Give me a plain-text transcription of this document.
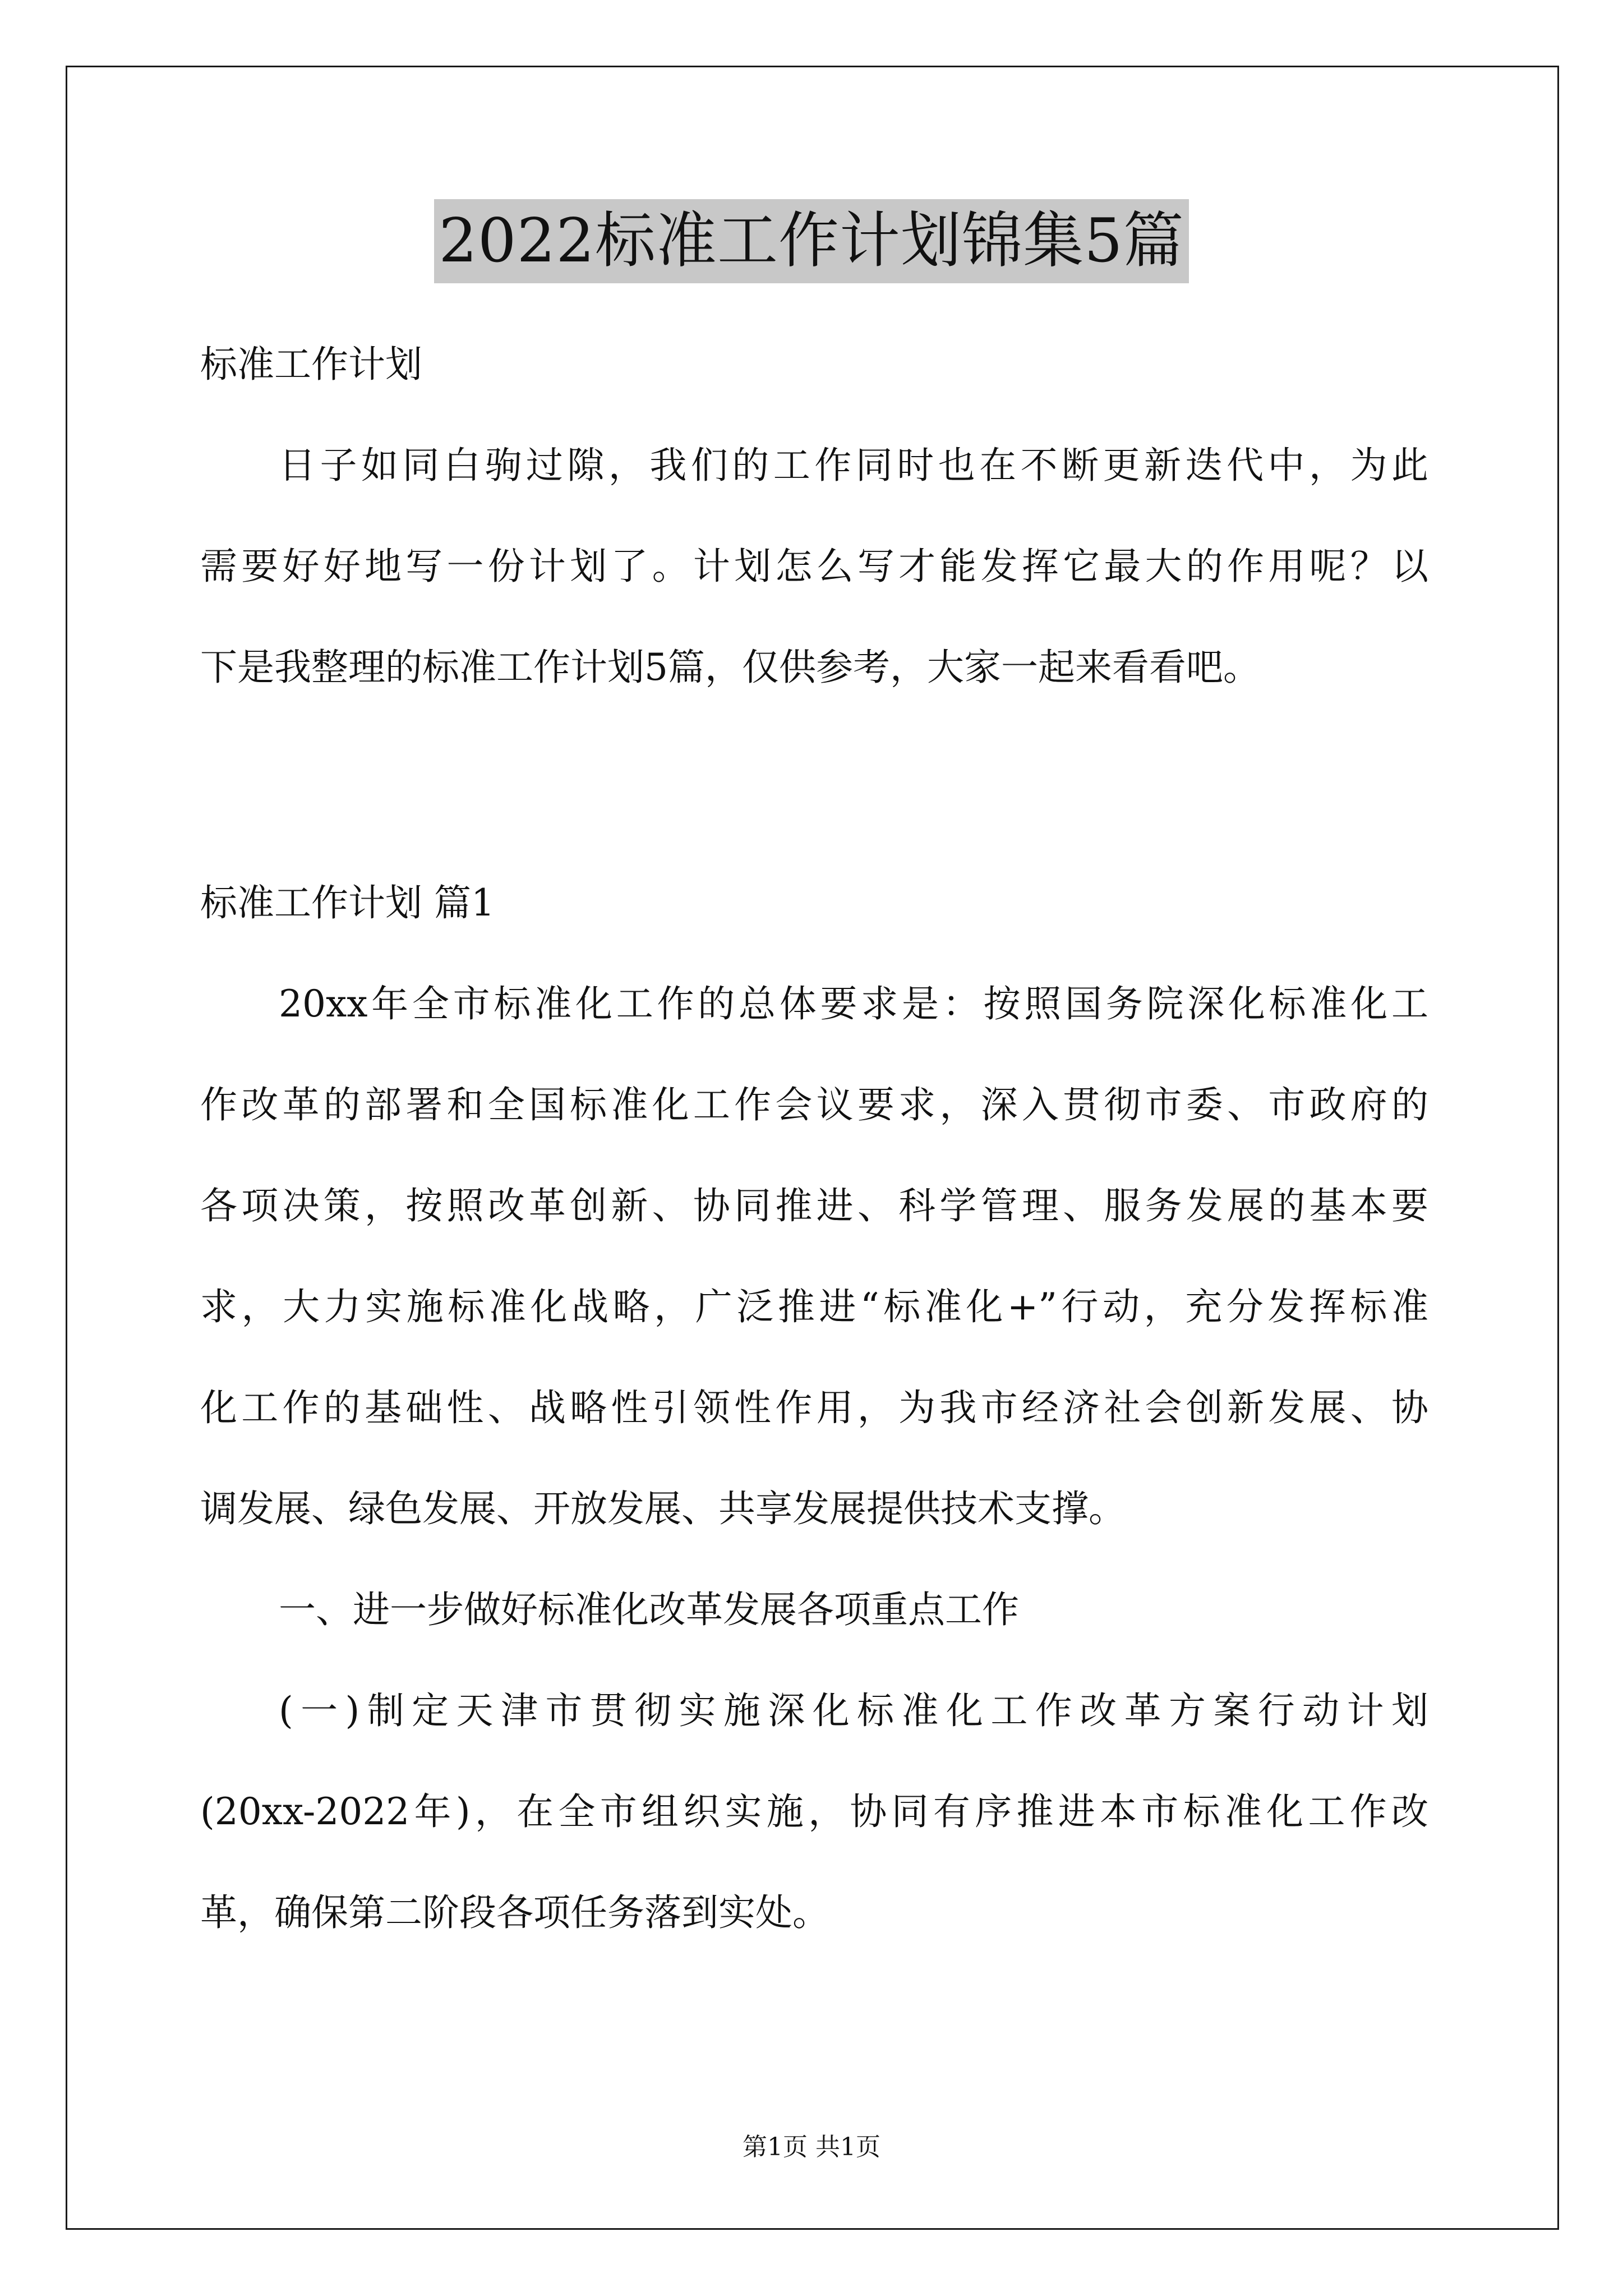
2022标准工作计划锦集5篇
标准工作计划
日子如同白驹过隙，我们的工作同时也在不断更新迭代中，为此
需要好好地写一份计划了。计划怎么写才能发挥它最大的作用呢？以
下是我整理的标准工作计划5篇，仅供参考，大家一起来看看吧。
标准工作计划 篇1
20xx年全市标准化工作的总体要求是：按照国务院深化标准化工
作改革的部署和全国标准化工作会议要求，深入贯彻市委、市政府的
各项决策，按照改革创新、协同推进、科学管理、服务发展的基本要
求，大力实施标准化战略，广泛推进“标准化+”行动，充分发挥标准
化工作的基础性、战略性引领性作用，为我市经济社会创新发展、协
调发展、绿色发展、开放发展、共享发展提供技术支撑。
一、进一步做好标准化改革发展各项重点工作
(一)制定天津市贯彻实施深化标准化工作改革方案行动计划
(20xx-2022年)，在全市组织实施，协同有序推进本市标准化工作改
革，确保第二阶段各项任务落到实处。
第1页 共1页
